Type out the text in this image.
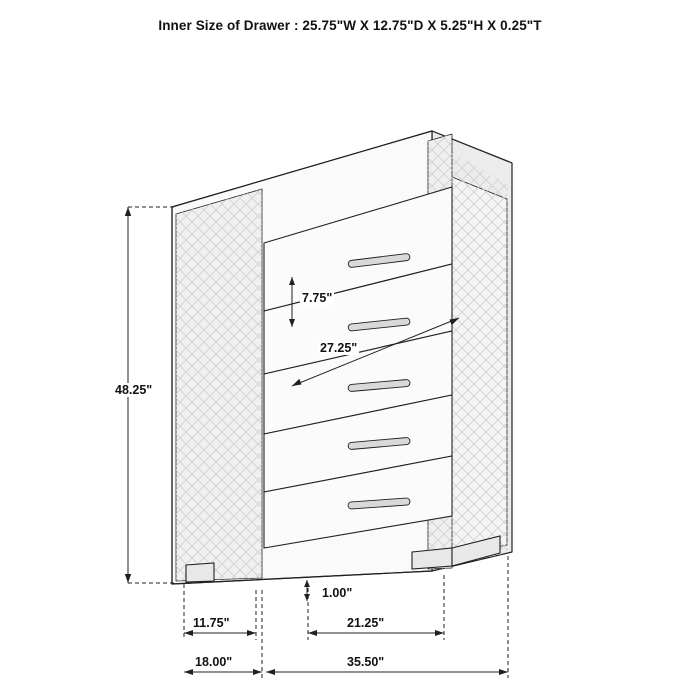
Inner Size of Drawer : 25.75"W X 12.75"D X 5.25"H X 0.25"T
48.25"
7.75"
27.25"
1.00"
11.75"	21.25"
18.00"	35.50"
